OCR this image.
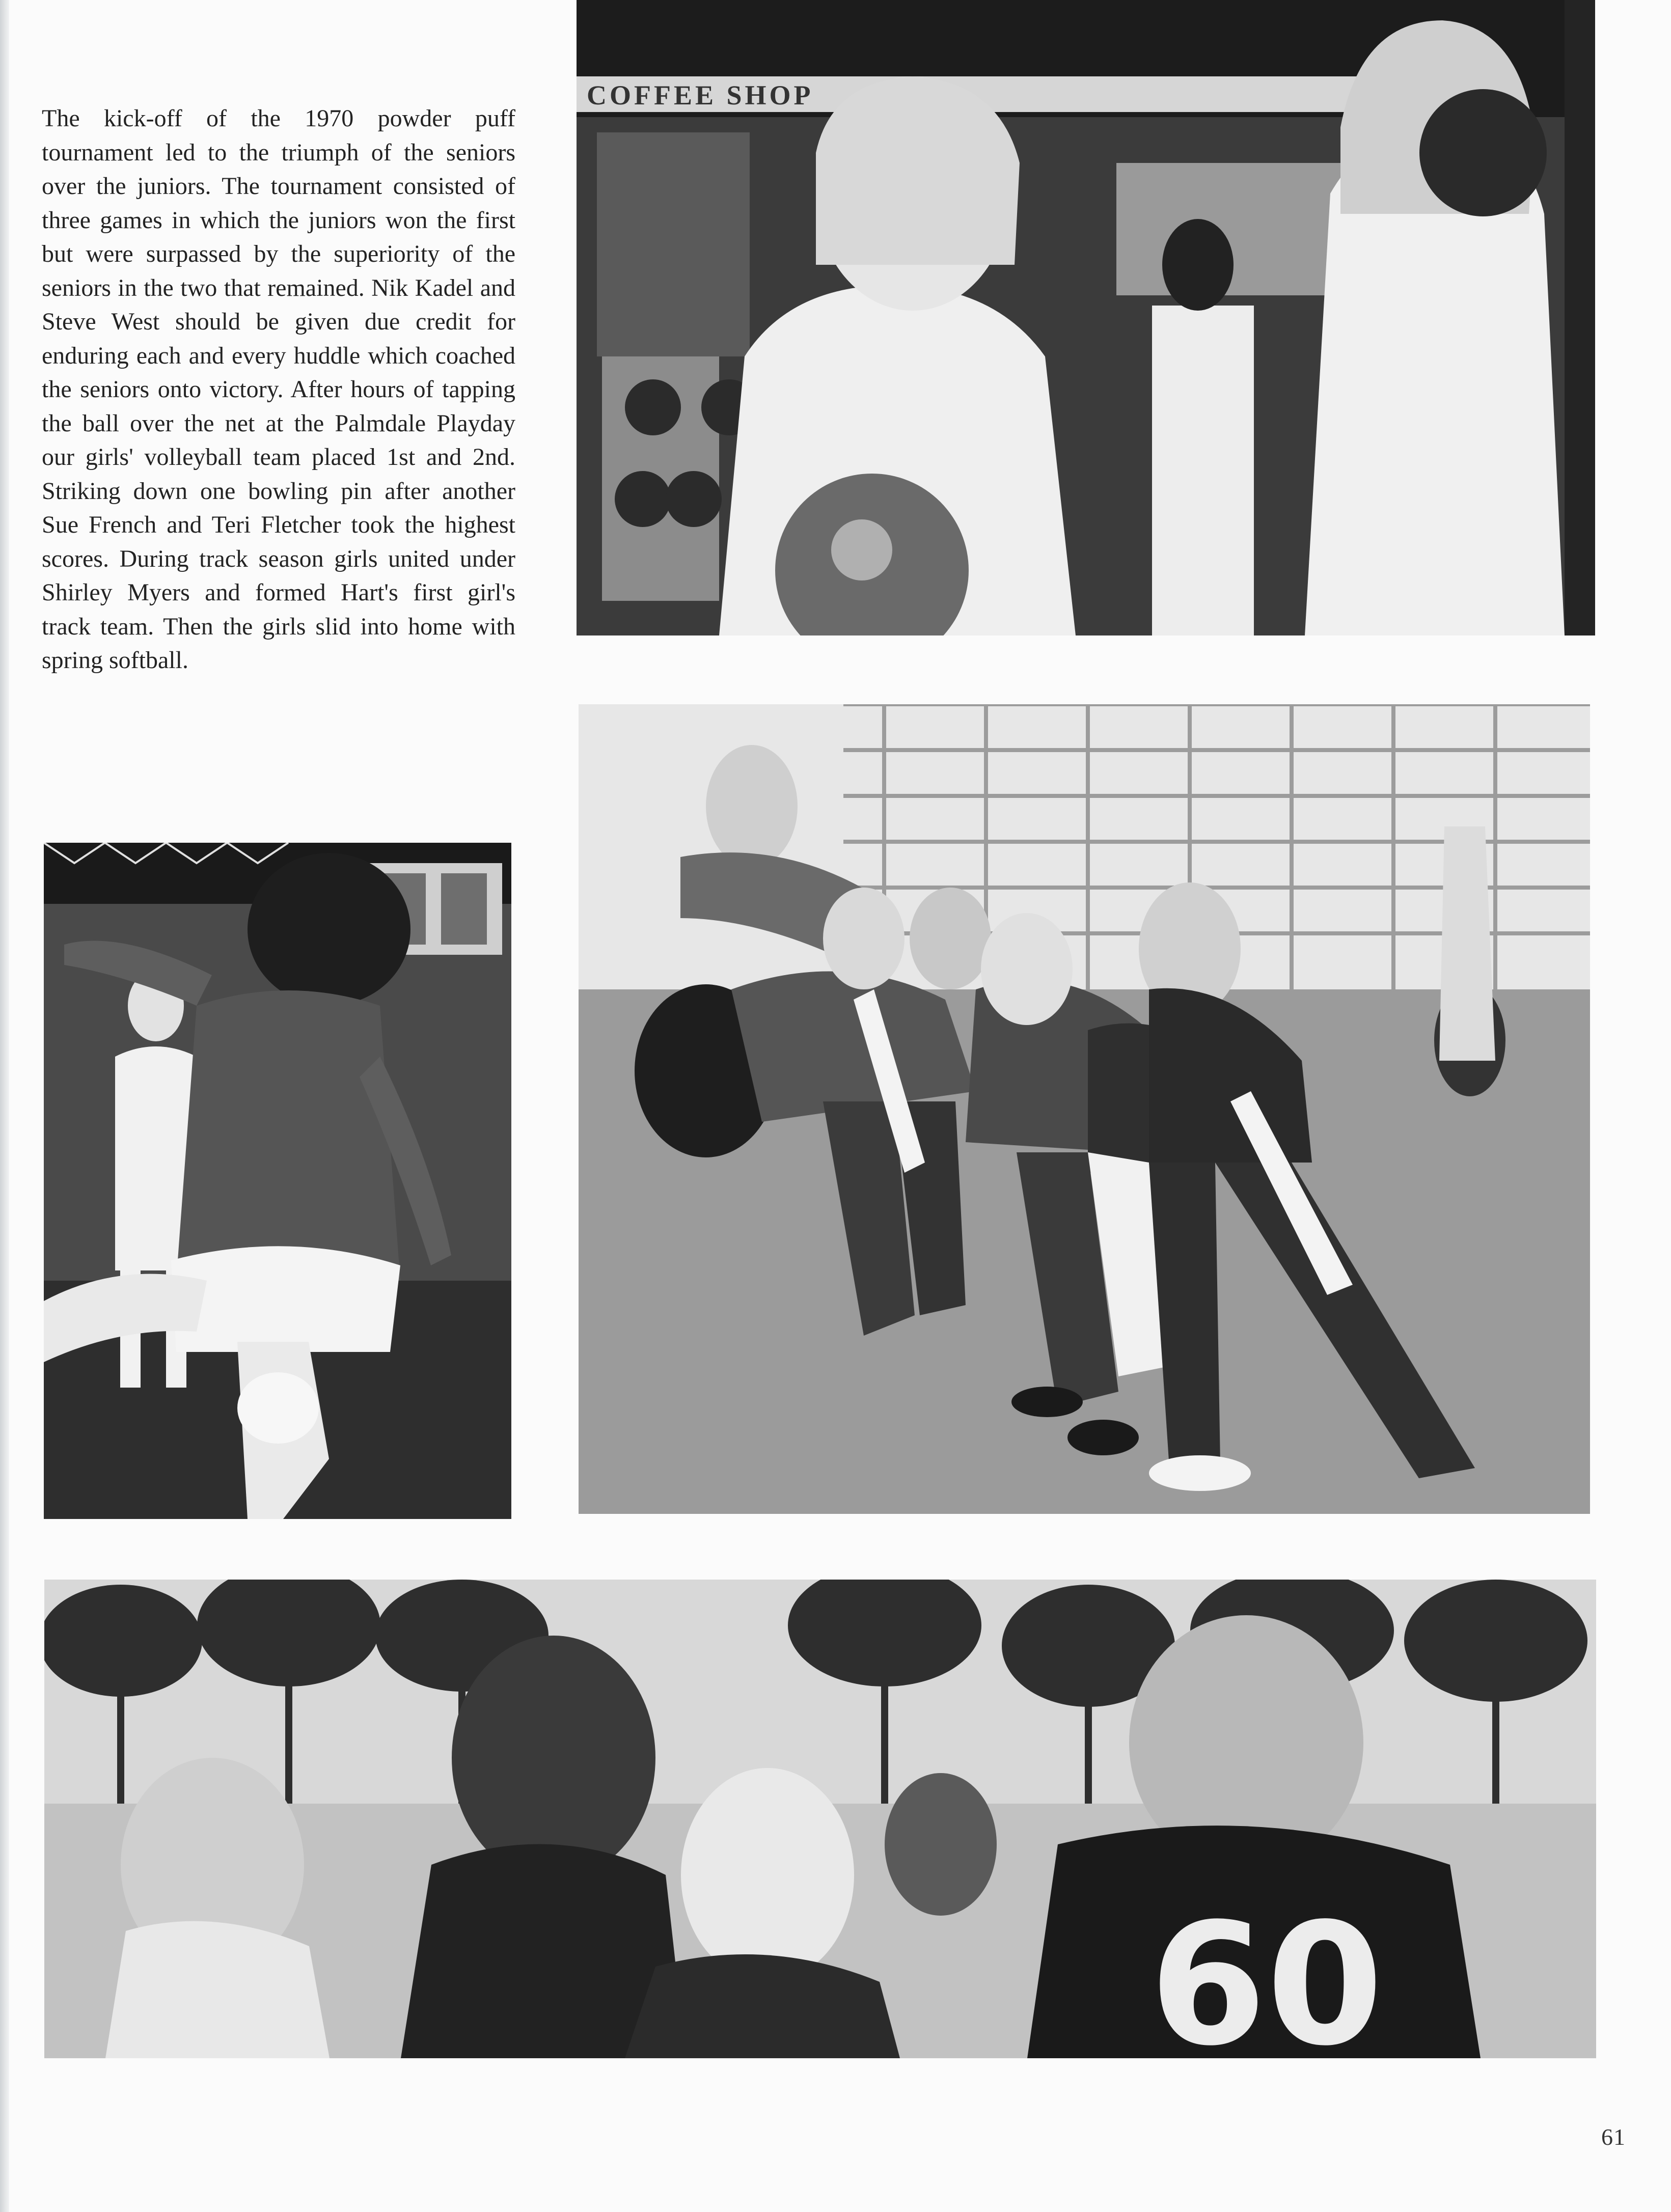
The kick-off of the 1970 powder puff tournament led to the triumph of the seniors over the juniors. The tournament consisted of three games in which the juniors won the first but were surpassed by the superiority of the seniors in the two that remained. Nik Kadel and Steve West should be given due credit for enduring each and every huddle which coached the seniors onto victory. After hours of tapping the ball over the net at the Palmdale Playday our girls' volleyball team placed 1st and 2nd. Striking down one bowling pin after another Sue French and Teri Fletcher took the highest scores. During track season girls united under Shirley Myers and formed Hart's first girl's track team. Then the girls slid into home with spring softball.

COFFEE SHOP
60
61
